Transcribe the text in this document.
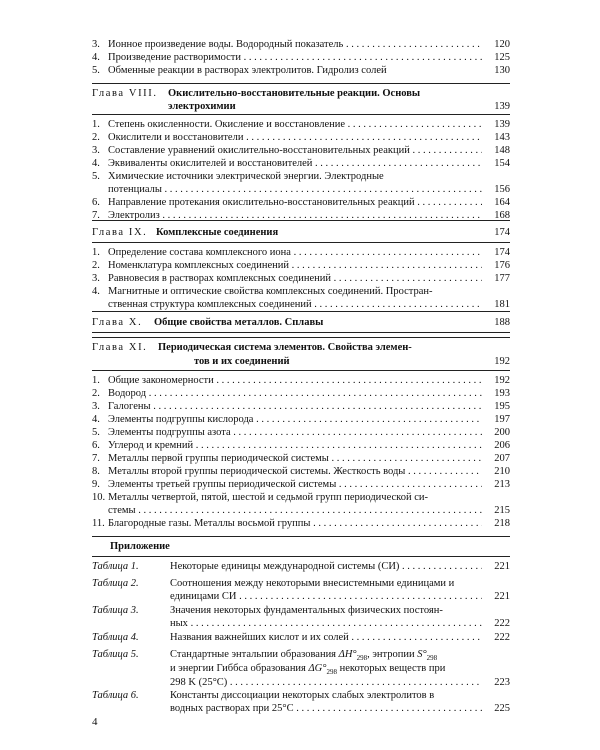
3. Ионное произведение воды. Водородный показатель . . .	120
4. Произведение растворимости . . .	125
5. Обменные реакции в растворах электролитов. Гидролиз солей	130
Глава VIII. Окислительно-восстановительные реакции. Основы
электрохимии	139
1. Степень окисленности. Окисление и восстановление . . .	139
2. Окислители и восстановители . . .	143
3. Составление уравнений окислительно-восстановительных реакций . . .	148
4. Эквиваленты окислителей и восстановителей . . .	154
5. Химические источники электрической энергии. Электродные
потенциалы . . .	156
6. Направление протекания окислительно-восстановительных реакций . . .	164
7. Электролиз . . .	168
Глава IX. Комплексные соединения	174
1. Определение состава комплексного иона . . .	174
2. Номенклатура комплексных соединений . . .	176
3. Равновесия в растворах комплексных соединений . . .	177
4. Магнитные и оптические свойства комплексных соединений. Простран-
ственная структура комплексных соединений . . .	181
Глава X. Общие свойства металлов. Сплавы	188
Глава XI. Периодическая система элементов. Свойства элемен-
тов и их соединений	192
1. Общие закономерности . . .	192
2. Водород . . .	193
3. Галогены . . .	195
4. Элементы подгруппы кислорода . . .	197
5. Элементы подгруппы азота . . .	200
6. Углерод и кремний . . .	206
7. Металлы первой группы периодической системы . . .	207
8. Металлы второй группы периодической системы. Жесткость воды . . .	210
9. Элементы третьей группы периодической системы . . .	213
10. Металлы четвертой, пятой, шестой и седьмой групп периодической си-
стемы . . .	215
11. Благородные газы. Металлы восьмой группы . . .	218
Приложение
Таблица 1.	Некоторые единицы международной системы (СИ) . . .	221
Таблица 2.	Соотношения между некоторыми внесистемными единицами и
единицами СИ . . .	221
Таблица 3.	Значения некоторых фундаментальных физических постоян-
ных . . .	222
Таблица 4.	Названия важнейших кислот и их солей . . .	222
Таблица 5.	Стандартные энтальпии образования $\Delta H^\circ_{298}$, энтропии $S^\circ_{298}$
и энергии Гиббса образования $\Delta G^\circ_{298}$ некоторых веществ при
298 K (25°C) . . .	223
Таблица 6.	Константы диссоциации некоторых слабых электролитов в
водных растворах при 25°C . . .	225
4
